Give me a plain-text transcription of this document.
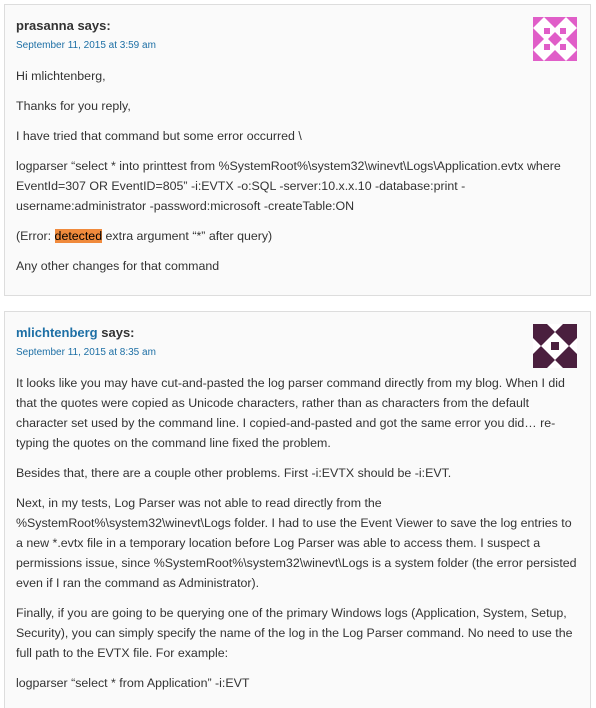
prasanna says:
September 11, 2015 at 3:59 am

Hi mlichtenberg,

Thanks for you reply,

I have tried that command but some error occurred \

logparser “select * into printtest from %SystemRoot%\system32\winevt\Logs\Application.evtx where EventId=307 OR EventID=805” -i:EVTX -o:SQL -server:10.x.x.10 -database:print -username:administrator -password:microsoft -createTable:ON

(Error: detected extra argument “*” after query)

Any other changes for that command

mlichtenberg says:
September 11, 2015 at 8:35 am

It looks like you may have cut-and-pasted the log parser command directly from my blog. When I did that the quotes were copied as Unicode characters, rather than as characters from the default character set used by the command line. I copied-and-pasted and got the same error you did… re-typing the quotes on the command line fixed the problem.

Besides that, there are a couple other problems. First -i:EVTX should be -i:EVT.

Next, in my tests, Log Parser was not able to read directly from the %SystemRoot%\system32\winevt\Logs folder. I had to use the Event Viewer to save the log entries to a new *.evtx file in a temporary location before Log Parser was able to access them. I suspect a permissions issue, since %SystemRoot%\system32\winevt\Logs is a system folder (the error persisted even if I ran the command as Administrator).

Finally, if you are going to be querying one of the primary Windows logs (Application, System, Setup, Security), you can simply specify the name of the log in the Log Parser command. No need to use the full path to the EVTX file. For example:

logparser “select * from Application” -i:EVT
